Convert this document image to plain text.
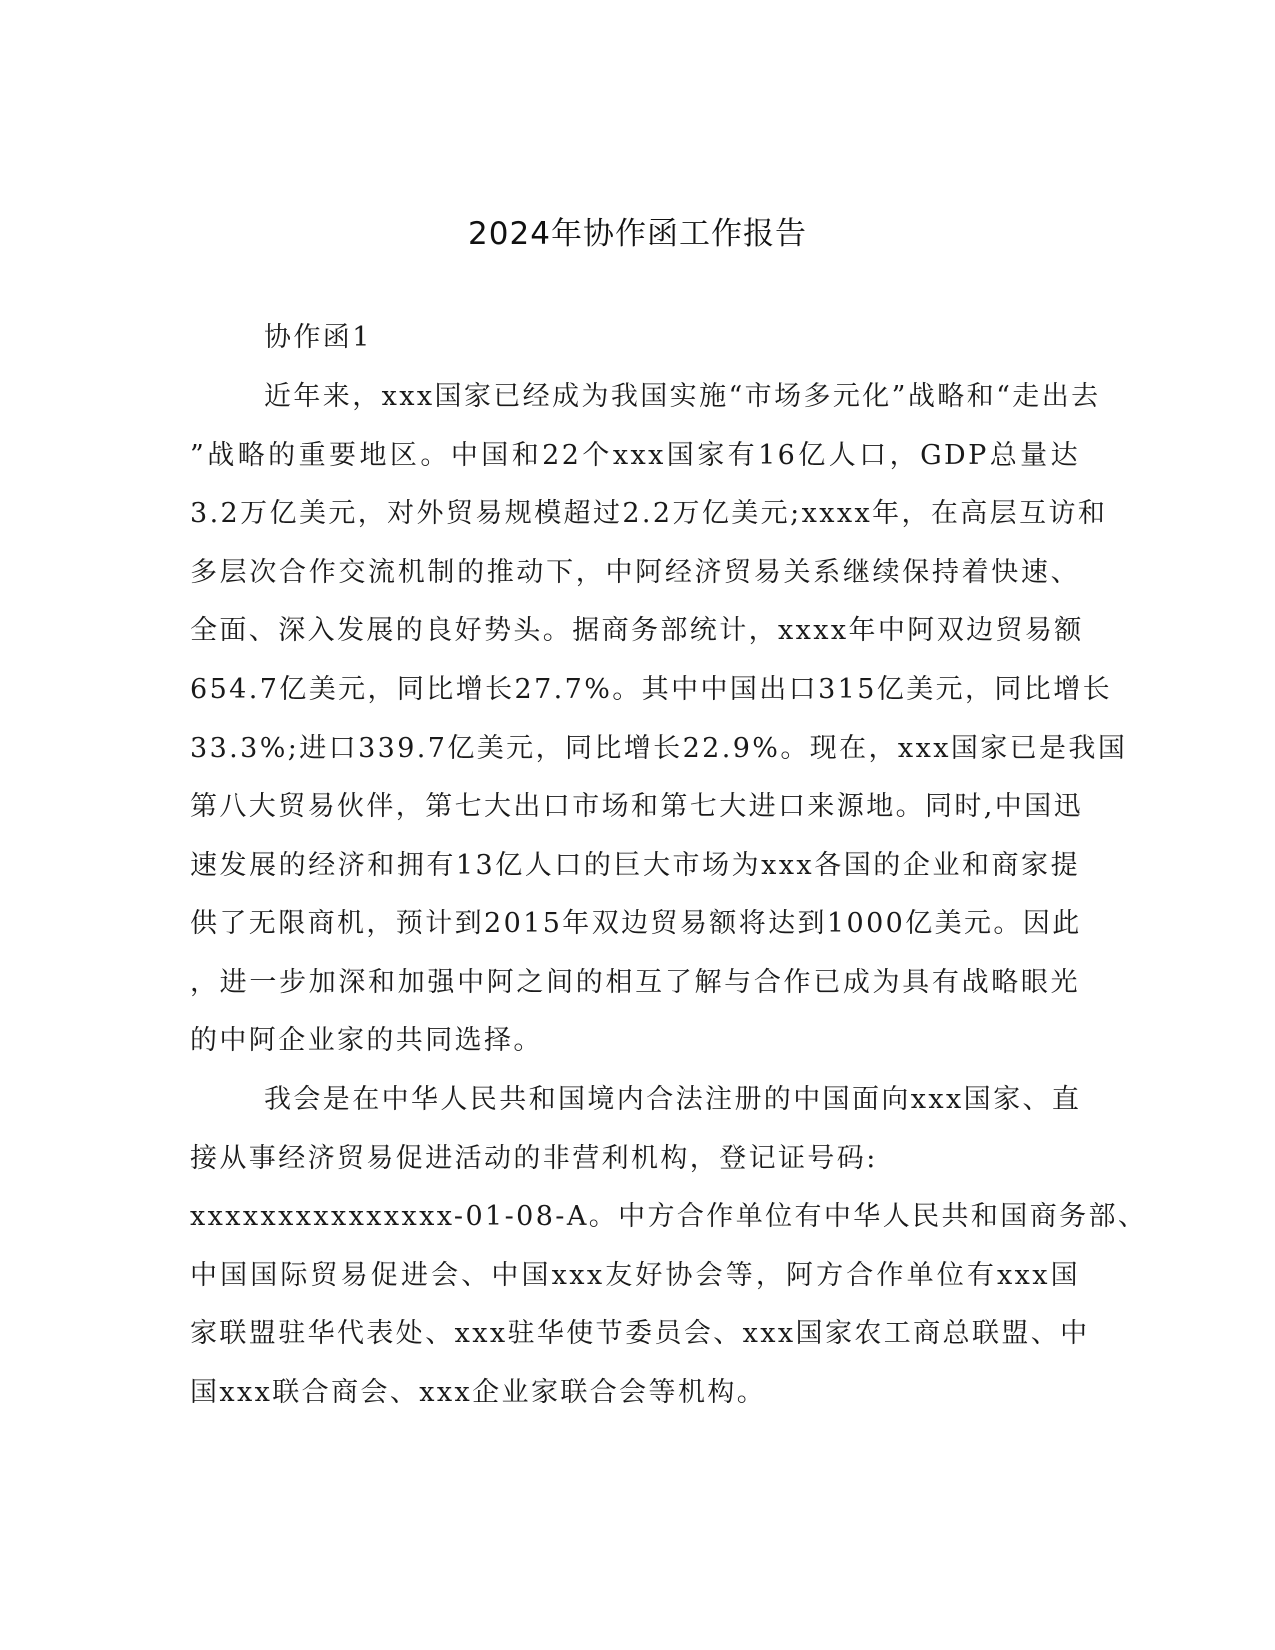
2024年协作函工作报告
协作函1
近年来，xxx国家已经成为我国实施“市场多元化”战略和“走出去
”战略的重要地区。中国和22个xxx国家有16亿人口，GDP总量达
3.2万亿美元，对外贸易规模超过2.2万亿美元;xxxx年，在高层互访和
多层次合作交流机制的推动下，中阿经济贸易关系继续保持着快速、
全面、深入发展的良好势头。据商务部统计，xxxx年中阿双边贸易额
654.7亿美元，同比增长27.7%。其中中国出口315亿美元，同比增长
33.3%;进口339.7亿美元，同比增长22.9%。现在，xxx国家已是我国
第八大贸易伙伴，第七大出口市场和第七大进口来源地。同时,中国迅
速发展的经济和拥有13亿人口的巨大市场为xxx各国的企业和商家提
供了无限商机，预计到2015年双边贸易额将达到1000亿美元。因此
，进一步加深和加强中阿之间的相互了解与合作已成为具有战略眼光
的中阿企业家的共同选择。
我会是在中华人民共和国境内合法注册的中国面向xxx国家、直
接从事经济贸易促进活动的非营利机构，登记证号码:
xxxxxxxxxxxxxxx-01-08-A。中方合作单位有中华人民共和国商务部、
中国国际贸易促进会、中国xxx友好协会等，阿方合作单位有xxx国
家联盟驻华代表处、xxx驻华使节委员会、xxx国家农工商总联盟、中
国xxx联合商会、xxx企业家联合会等机构。
